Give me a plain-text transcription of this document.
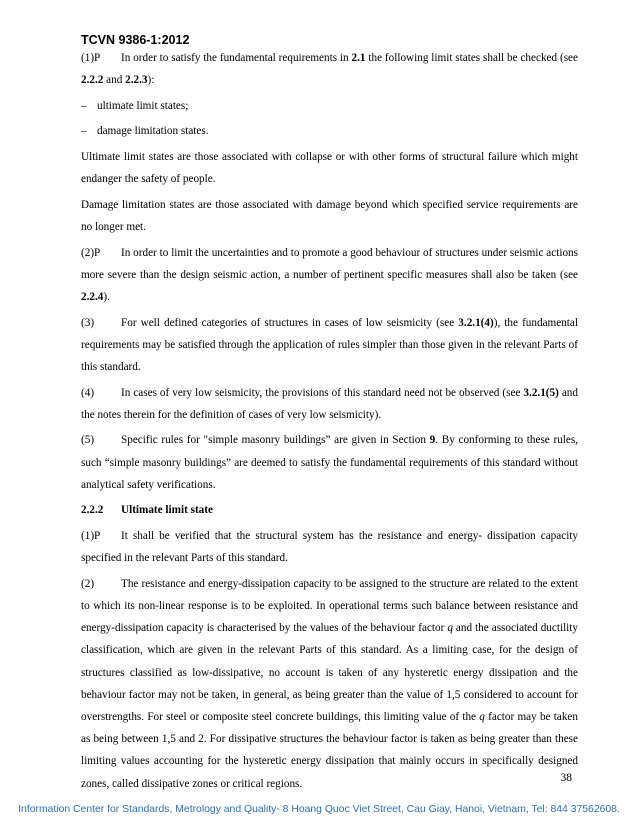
TCVN 9386-1:2012

(1)P In order to satisfy the fundamental requirements in 2.1 the following limit states shall be checked (see 2.2.2 and 2.2.3):

– ultimate limit states;

– damage limitation states.

Ultimate limit states are those associated with collapse or with other forms of structural failure which might endanger the safety of people.

Damage limitation states are those associated with damage beyond which specified service requirements are no longer met.

(2)P In order to limit the uncertainties and to promote a good behaviour of structures under seismic actions more severe than the design seismic action, a number of pertinent specific measures shall also be taken (see 2.2.4).

(3) For well defined categories of structures in cases of low seismicity (see 3.2.1(4)), the fundamental requirements may be satisfied through the application of rules simpler than those given in the relevant Parts of this standard.

(4) In cases of very low seismicity, the provisions of this standard need not be observed (see 3.2.1(5) and the notes therein for the definition of cases of very low seismicity).

(5) Specific rules for "simple masonry buildings” are given in Section 9. By conforming to these rules, such “simple masonry buildings” are deemed to satisfy the fundamental requirements of this standard without analytical safety verifications.

2.2.2 Ultimate limit state

(1)P It shall be verified that the structural system has the resistance and energy- dissipation capacity specified in the relevant Parts of this standard.

(2) The resistance and energy-dissipation capacity to be assigned to the structure are related to the extent to which its non-linear response is to be exploited. In operational terms such balance between resistance and energy-dissipation capacity is characterised by the values of the behaviour factor q and the associated ductility classification, which are given in the relevant Parts of this standard. As a limiting case, for the design of structures classified as low-dissipative, no account is taken of any hysteretic energy dissipation and the behaviour factor may not be taken, in general, as being greater than the value of 1,5 considered to account for overstrengths. For steel or composite steel concrete buildings, this limiting value of the q factor may be taken as being between 1,5 and 2. For dissipative structures the behaviour factor is taken as being greater than these limiting values accounting for the hysteretic energy dissipation that mainly occurs in specifically designed zones, called dissipative zones or critical regions.	38
Information Center for Standards, Metrology and Quality- 8 Hoang Quoc Viet Street, Cau Giay, Hanoi, Vietnam, Tel: 844 37562608.
